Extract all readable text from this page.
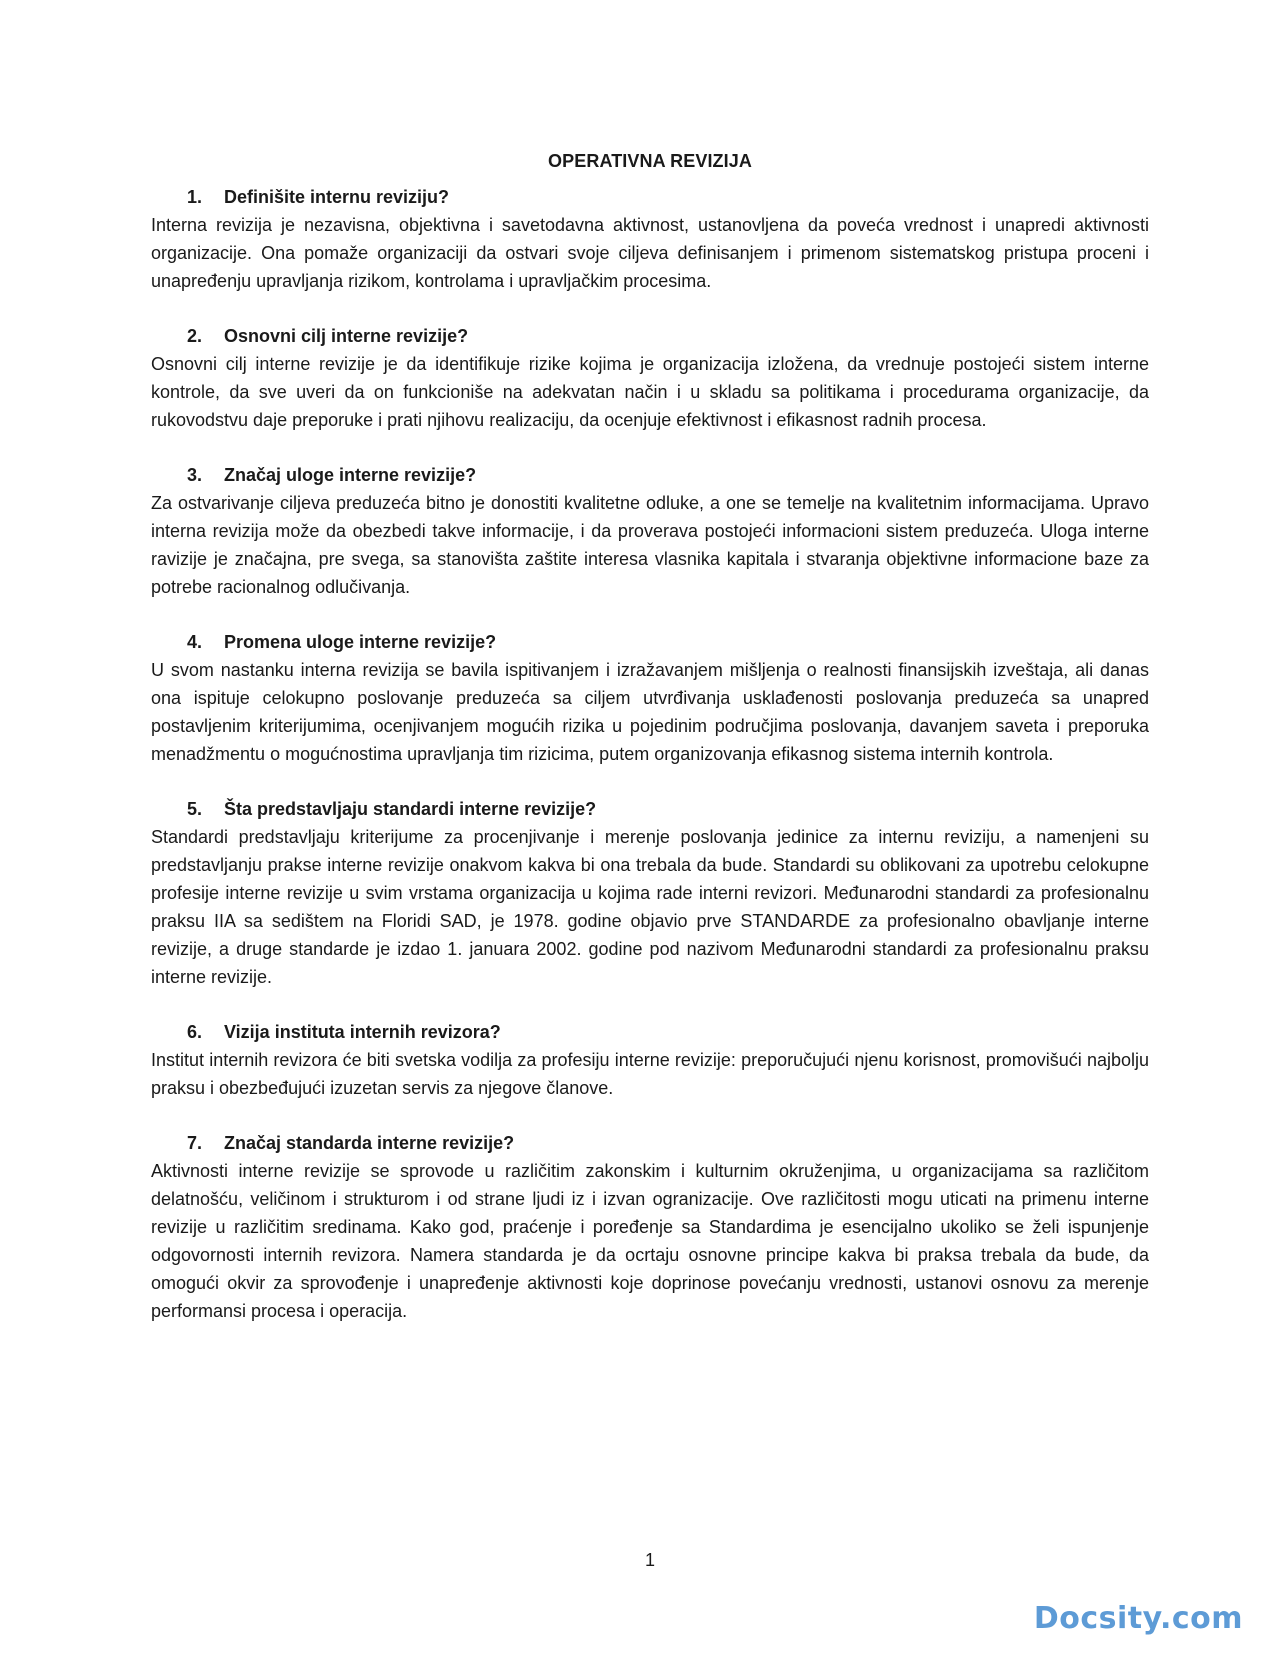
OPERATIVNA REVIZIJA

1.	Definišite internu reviziju?

Interna revizija je nezavisna, objektivna i savetodavna aktivnost, ustanovljena da poveća vrednost i unapredi aktivnosti organizacije. Ona pomaže organizaciji da ostvari svoje ciljeva definisanjem i primenom sistematskog pristupa proceni i unapređenju upravljanja rizikom, kontrolama i upravljačkim procesima.

2.	Osnovni cilj interne revizije?

Osnovni cilj interne revizije je da identifikuje rizike kojima je organizacija izložena, da vrednuje postojeći sistem interne kontrole, da sve uveri da on funkcioniše na adekvatan način i u skladu sa politikama i procedurama organizacije, da rukovodstvu daje preporuke i prati njihovu realizaciju, da ocenjuje efektivnost i efikasnost radnih procesa.

3.	Značaj uloge interne revizije?

Za ostvarivanje ciljeva preduzeća bitno je donostiti kvalitetne odluke, a one se temelje na kvalitetnim informacijama. Upravo interna revizija može da obezbedi takve informacije, i da proverava postojeći informacioni sistem preduzeća. Uloga interne ravizije je značajna, pre svega, sa stanovišta zaštite interesa vlasnika kapitala i stvaranja objektivne informacione baze za potrebe racionalnog odlučivanja.

4.	Promena uloge interne revizije?

U svom nastanku interna revizija se bavila ispitivanjem i izražavanjem mišljenja o realnosti finansijskih izveštaja, ali danas ona ispituje celokupno poslovanje preduzeća sa ciljem utvrđivanja usklađenosti poslovanja preduzeća sa unapred postavljenim kriterijumima, ocenjivanjem mogućih rizika u pojedinim područjima poslovanja, davanjem saveta i preporuka menadžmentu o mogućnostima upravljanja tim rizicima, putem organizovanja efikasnog sistema internih kontrola.

5.	Šta predstavljaju standardi interne revizije?

Standardi predstavljaju kriterijume za procenjivanje i merenje poslovanja jedinice za internu reviziju, a namenjeni su predstavljanju prakse interne revizije onakvom kakva bi ona trebala da bude. Standardi su oblikovani za upotrebu celokupne profesije interne revizije u svim vrstama organizacija u kojima rade interni revizori. Međunarodni standardi za profesionalnu praksu IIA sa sedištem na Floridi SAD, je 1978. godine objavio prve STANDARDE za profesionalno obavljanje interne revizije, a druge standarde je izdao 1. januara 2002. godine pod nazivom Međunarodni standardi za profesionalnu praksu interne revizije.

6.	Vizija instituta internih revizora?

Institut internih revizora će biti svetska vodilja za profesiju interne revizije: preporučujući njenu korisnost, promovišući najbolju praksu i obezbeđujući izuzetan servis za njegove članove.

7.	Značaj standarda interne revizije?

Aktivnosti interne revizije se sprovode u različitim zakonskim i kulturnim okruženjima, u organizacijama sa različitom delatnošću, veličinom i strukturom i od strane ljudi iz i izvan ogranizacije. Ove različitosti mogu uticati na primenu interne revizije u različitim sredinama. Kako god, praćenje i poređenje sa Standardima je esencijalno ukoliko se želi ispunjenje odgovornosti internih revizora. Namera standarda je da ocrtaju osnovne principe kakva bi praksa trebala da bude, da omogući okvir za sprovođenje i unapređenje aktivnosti koje doprinose povećanju vrednosti, ustanovi osnovu za merenje performansi procesa i operacija.

1
Docsity.com
